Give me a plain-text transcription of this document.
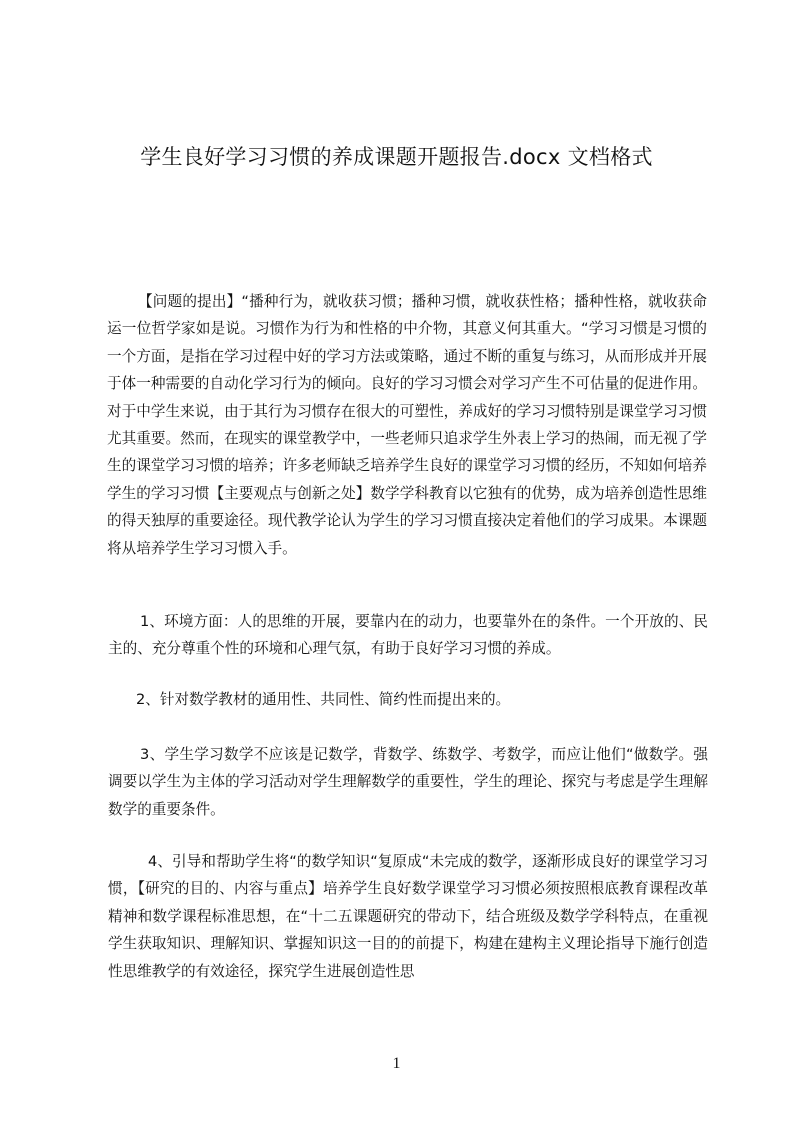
学生良好学习习惯的养成课题开题报告.docx 文档格式

【问题的提出】“播种行为，就收获习惯；播种习惯，就收获性格；播种性格，就收获命运一位哲学家如是说。习惯作为行为和性格的中介物，其意义何其重大。“学习习惯是习惯的一个方面，是指在学习过程中好的学习方法或策略，通过不断的重复与练习，从而形成并开展于体一种需要的自动化学习行为的倾向。良好的学习习惯会对学习产生不可估量的促进作用。对于中学生来说，由于其行为习惯存在很大的可塑性，养成好的学习习惯特别是课堂学习习惯尤其重要。然而，在现实的课堂教学中，一些老师只追求学生外表上学习的热闹，而无视了学生的课堂学习习惯的培养；许多老师缺乏培养学生良好的课堂学习习惯的经历，不知如何培养学生的学习习惯【主要观点与创新之处】数学学科教育以它独有的优势，成为培养创造性思维的得天独厚的重要途径。现代教学论认为学生的学习习惯直接决定着他们的学习成果。本课题将从培养学生学习习惯入手。

1、环境方面：人的思维的开展，要靠内在的动力，也要靠外在的条件。一个开放的、民主的、充分尊重个性的环境和心理气氛，有助于良好学习习惯的养成。

2、针对数学教材的通用性、共同性、简约性而提出来的。

3、学生学习数学不应该是记数学，背数学、练数学、考数学，而应让他们“做数学。强调要以学生为主体的学习活动对学生理解数学的重要性，学生的理论、探究与考虑是学生理解数学的重要条件。

4、引导和帮助学生将“的数学知识“复原成“未完成的数学，逐渐形成良好的课堂学习习惯，【研究的目的、内容与重点】培养学生良好数学课堂学习习惯必须按照根底教育课程改革精神和数学课程标准思想，在“十二五课题研究的带动下，结合班级及数学学科特点，在重视学生获取知识、理解知识、掌握知识这一目的的前提下，构建在建构主义理论指导下施行创造性思维教学的有效途径，探究学生进展创造性思

1
